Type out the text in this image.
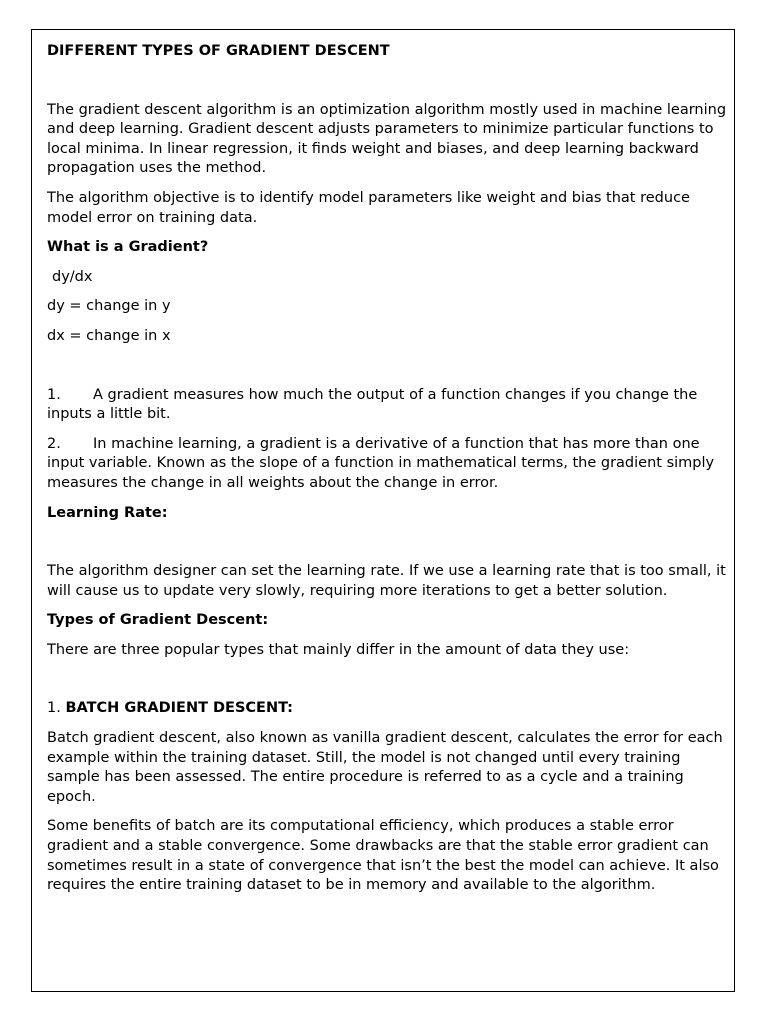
DIFFERENT TYPES OF GRADIENT DESCENT

The gradient descent algorithm is an optimization algorithm mostly used in machine learning and deep learning. Gradient descent adjusts parameters to minimize particular functions to local minima. In linear regression, it finds weight and biases, and deep learning backward propagation uses the method.

The algorithm objective is to identify model parameters like weight and bias that reduce model error on training data.

What is a Gradient?

dy/dx

dy = change in y

dx = change in x

1. A gradient measures how much the output of a function changes if you change the inputs a little bit.

2. In machine learning, a gradient is a derivative of a function that has more than one input variable. Known as the slope of a function in mathematical terms, the gradient simply measures the change in all weights about the change in error.

Learning Rate:

The algorithm designer can set the learning rate. If we use a learning rate that is too small, it will cause us to update very slowly, requiring more iterations to get a better solution.

Types of Gradient Descent:

There are three popular types that mainly differ in the amount of data they use:

1. BATCH GRADIENT DESCENT:

Batch gradient descent, also known as vanilla gradient descent, calculates the error for each example within the training dataset. Still, the model is not changed until every training sample has been assessed. The entire procedure is referred to as a cycle and a training epoch.

Some benefits of batch are its computational efficiency, which produces a stable error gradient and a stable convergence. Some drawbacks are that the stable error gradient can sometimes result in a state of convergence that isn’t the best the model can achieve. It also requires the entire training dataset to be in memory and available to the algorithm.
